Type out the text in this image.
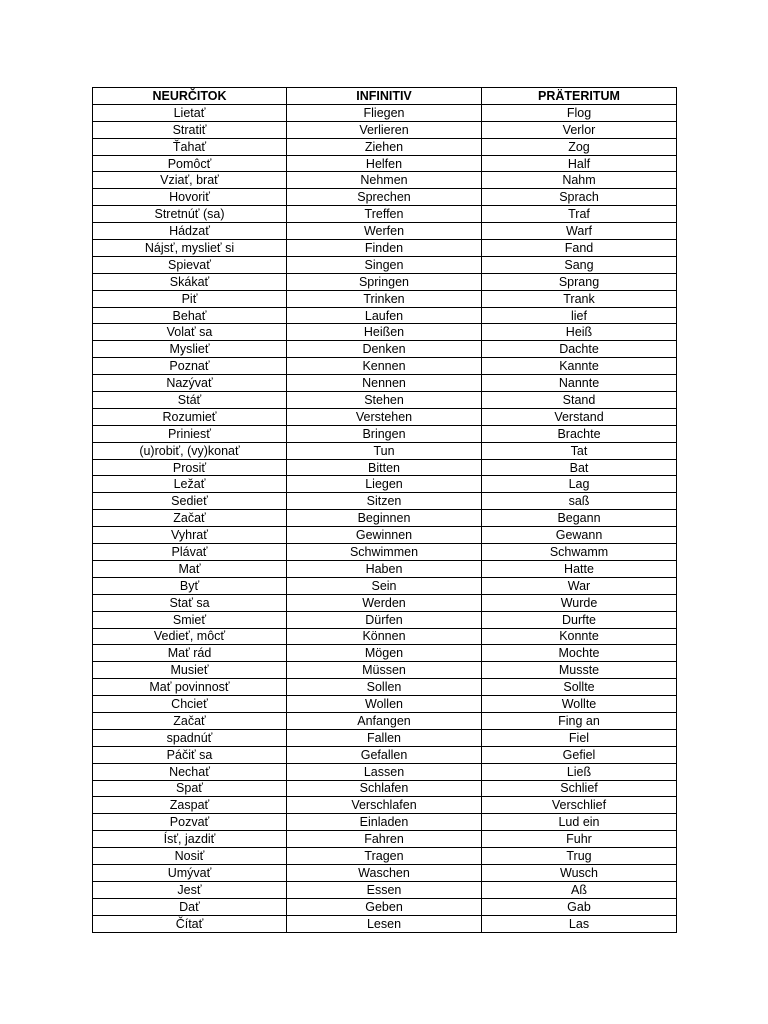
NEURČITOK	INFINITIV	PRÄTERITUM
Lietať	Fliegen	Flog
Stratiť	Verlieren	Verlor
Ťahať	Ziehen	Zog
Pomôcť	Helfen	Half
Vziať, brať	Nehmen	Nahm
Hovoriť	Sprechen	Sprach
Stretnúť (sa)	Treffen	Traf
Hádzať	Werfen	Warf
Nájsť, myslieť si	Finden	Fand
Spievať	Singen	Sang
Skákať	Springen	Sprang
Piť	Trinken	Trank
Behať	Laufen	lief
Volať sa	Heißen	Heiß
Myslieť	Denken	Dachte
Poznať	Kennen	Kannte
Nazývať	Nennen	Nannte
Stáť	Stehen	Stand
Rozumieť	Verstehen	Verstand
Priniesť	Bringen	Brachte
(u)robiť, (vy)konať	Tun	Tat
Prosiť	Bitten	Bat
Ležať	Liegen	Lag
Sedieť	Sitzen	saß
Začať	Beginnen	Begann
Vyhrať	Gewinnen	Gewann
Plávať	Schwimmen	Schwamm
Mať	Haben	Hatte
Byť	Sein	War
Stať sa	Werden	Wurde
Smieť	Dürfen	Durfte
Vedieť, môcť	Können	Konnte
Mať rád	Mögen	Mochte
Musieť	Müssen	Musste
Mať povinnosť	Sollen	Sollte
Chcieť	Wollen	Wollte
Začať	Anfangen	Fing an
spadnúť	Fallen	Fiel
Páčiť sa	Gefallen	Gefiel
Nechať	Lassen	Ließ
Spať	Schlafen	Schlief
Zaspať	Verschlafen	Verschlief
Pozvať	Einladen	Lud ein
Ísť, jazdiť	Fahren	Fuhr
Nosiť	Tragen	Trug
Umývať	Waschen	Wusch
Jesť	Essen	Aß
Dať	Geben	Gab
Čítať	Lesen	Las
